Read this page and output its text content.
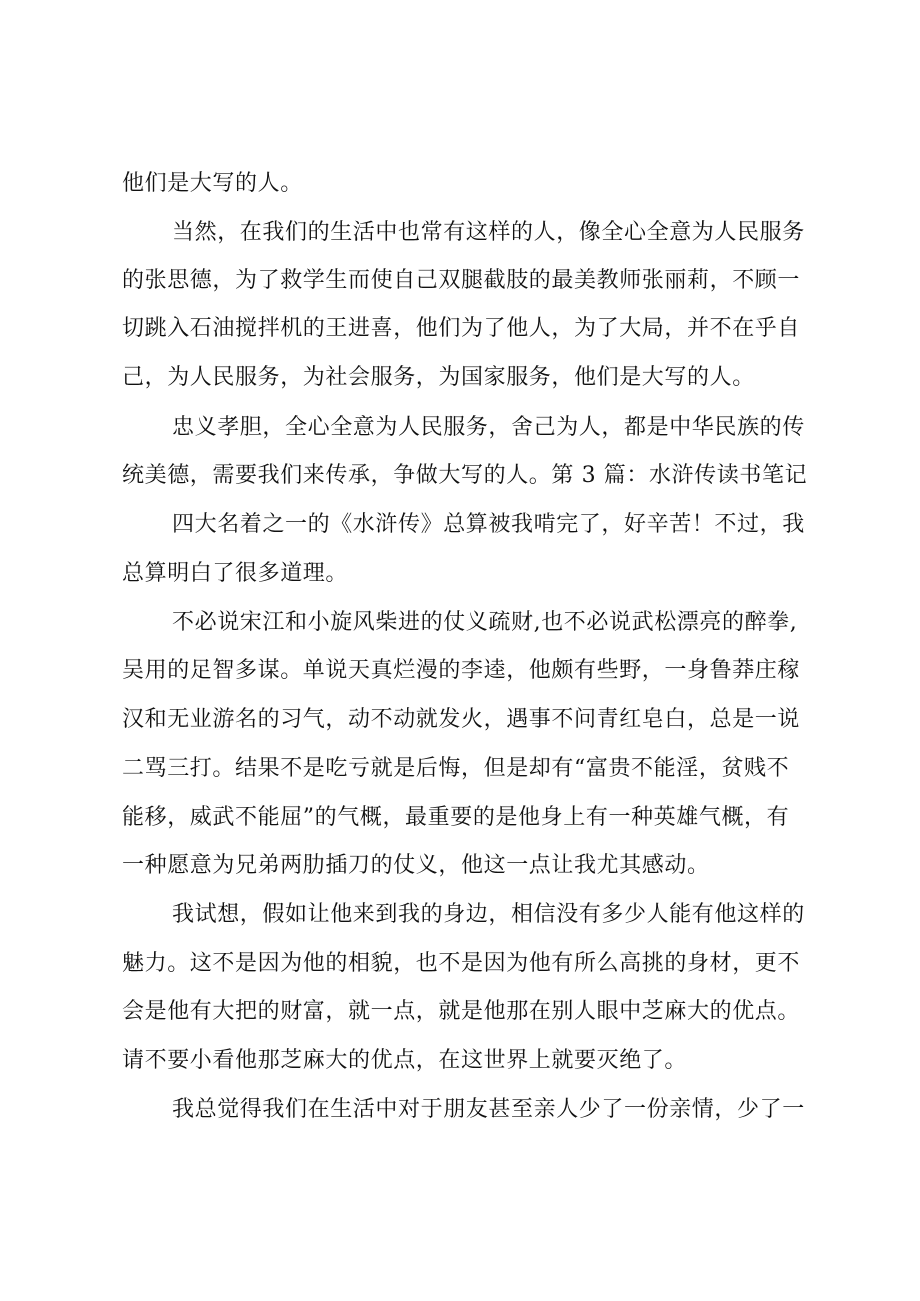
他们是大写的人。
当然，在我们的生活中也常有这样的人，像全心全意为人民服务
的张思德，为了救学生而使自己双腿截肢的最美教师张丽莉，不顾一
切跳入石油搅拌机的王进喜，他们为了他人，为了大局，并不在乎自
己，为人民服务，为社会服务，为国家服务，他们是大写的人。
忠义孝胆，全心全意为人民服务，舍己为人，都是中华民族的传
统美德，需要我们来传承，争做大写的人。第 3 篇：水浒传读书笔记
四大名着之一的《水浒传》总算被我啃完了，好辛苦！不过，我
总算明白了很多道理。
不必说宋江和小旋风柴进的仗义疏财,也不必说武松漂亮的醉拳,
吴用的足智多谋。单说天真烂漫的李逵，他颇有些野，一身鲁莽庄稼
汉和无业游名的习气，动不动就发火，遇事不问青红皂白，总是一说
二骂三打。结果不是吃亏就是后悔，但是却有“富贵不能淫，贫贱不
能移，威武不能屈”的气概，最重要的是他身上有一种英雄气概，有
一种愿意为兄弟两肋插刀的仗义，他这一点让我尤其感动。
我试想，假如让他来到我的身边，相信没有多少人能有他这样的
魅力。这不是因为他的相貌，也不是因为他有所么高挑的身材，更不
会是他有大把的财富，就一点，就是他那在别人眼中芝麻大的优点。
请不要小看他那芝麻大的优点，在这世界上就要灭绝了。
我总觉得我们在生活中对于朋友甚至亲人少了一份亲情，少了一
